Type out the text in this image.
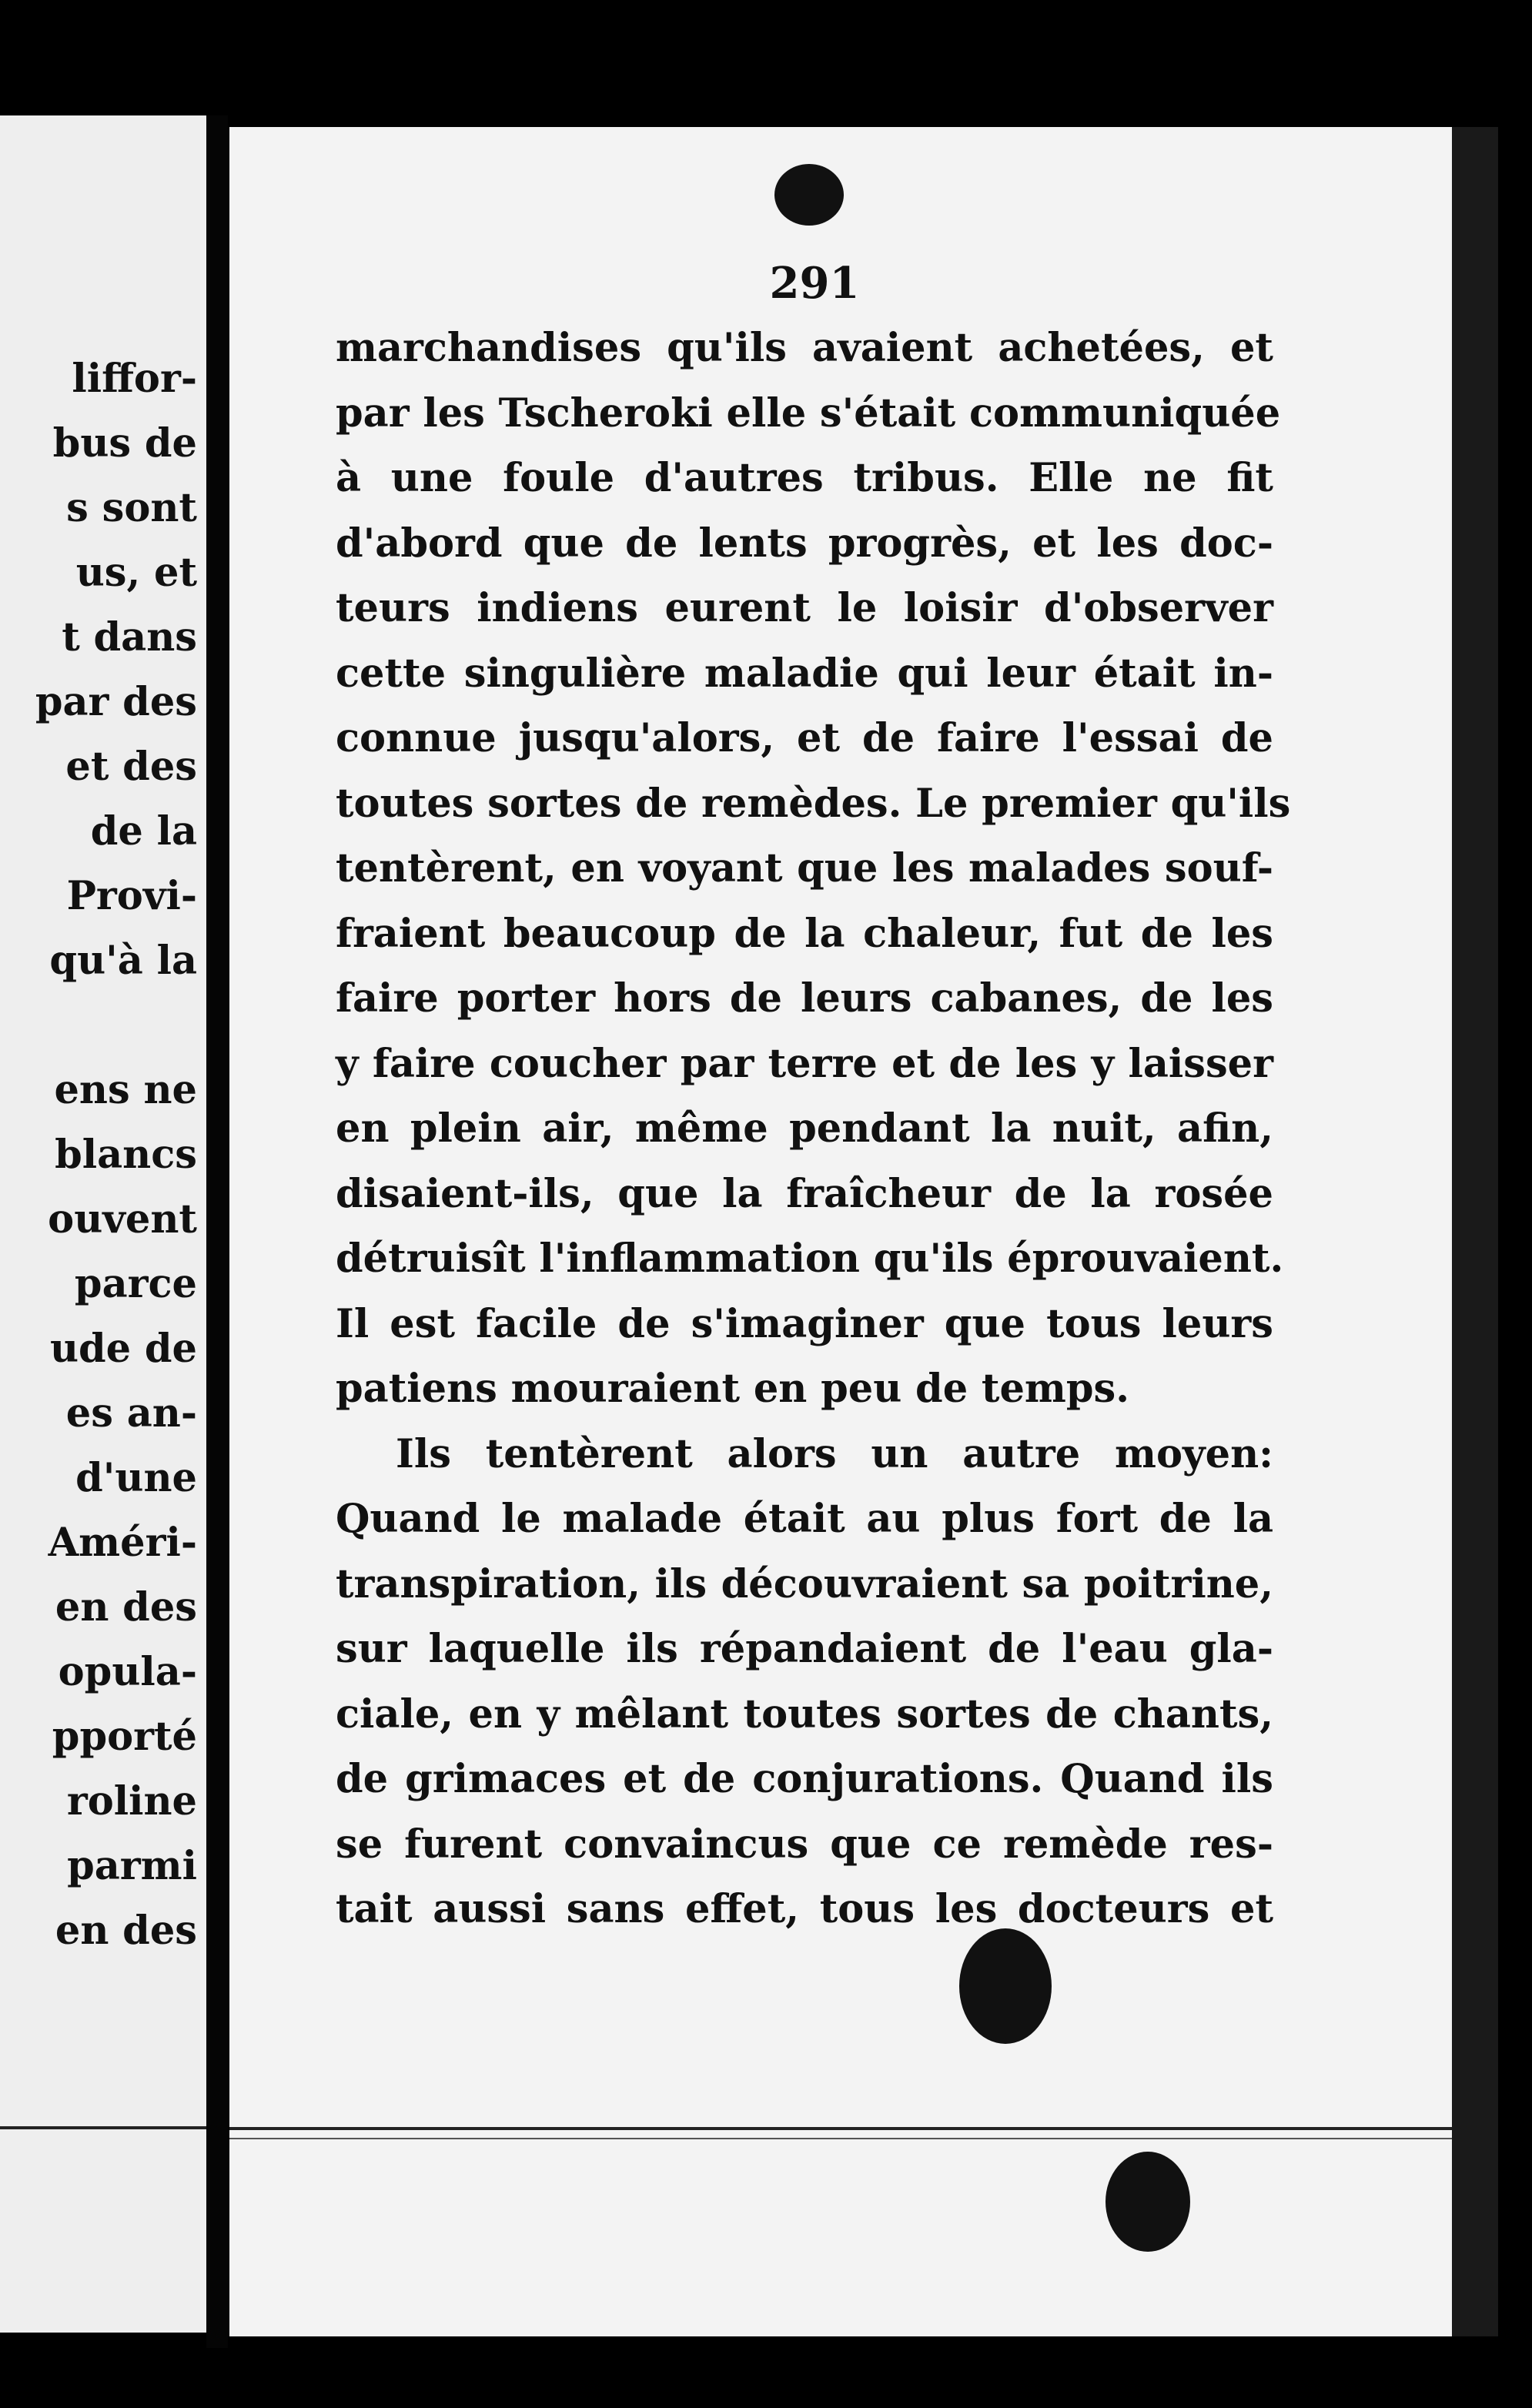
liffor-
bus de
s sont
us, et
t dans
par des
et des
de la
Provi-
qu'à la
ens ne
blancs
ouvent
parce
ude de
es an-
d'une
Améri-
en des
opula-
pporté
roline
parmi
en des
291
marchandises qu'ils avaient achetées, et
par les Tscheroki elle s'était communiquée
à une foule d'autres tribus. Elle ne fit
d'abord que de lents progrès, et les doc-
teurs indiens eurent le loisir d'observer
cette singulière maladie qui leur était in-
connue jusqu'alors, et de faire l'essai de
toutes sortes de remèdes. Le premier qu'ils
tentèrent, en voyant que les malades souf-
fraient beaucoup de la chaleur, fut de les
faire porter hors de leurs cabanes, de les
y faire coucher par terre et de les y laisser
en plein air, même pendant la nuit, afin,
disaient-ils, que la fraîcheur de la rosée
détruisît l'inflammation qu'ils éprouvaient.
Il est facile de s'imaginer que tous leurs
patiens mouraient en peu de temps.
Ils tentèrent alors un autre moyen:
Quand le malade était au plus fort de la
transpiration, ils découvraient sa poitrine,
sur laquelle ils répandaient de l'eau gla-
ciale, en y mêlant toutes sortes de chants,
de grimaces et de conjurations. Quand ils
se furent convaincus que ce remède res-
tait aussi sans effet, tous les docteurs et
